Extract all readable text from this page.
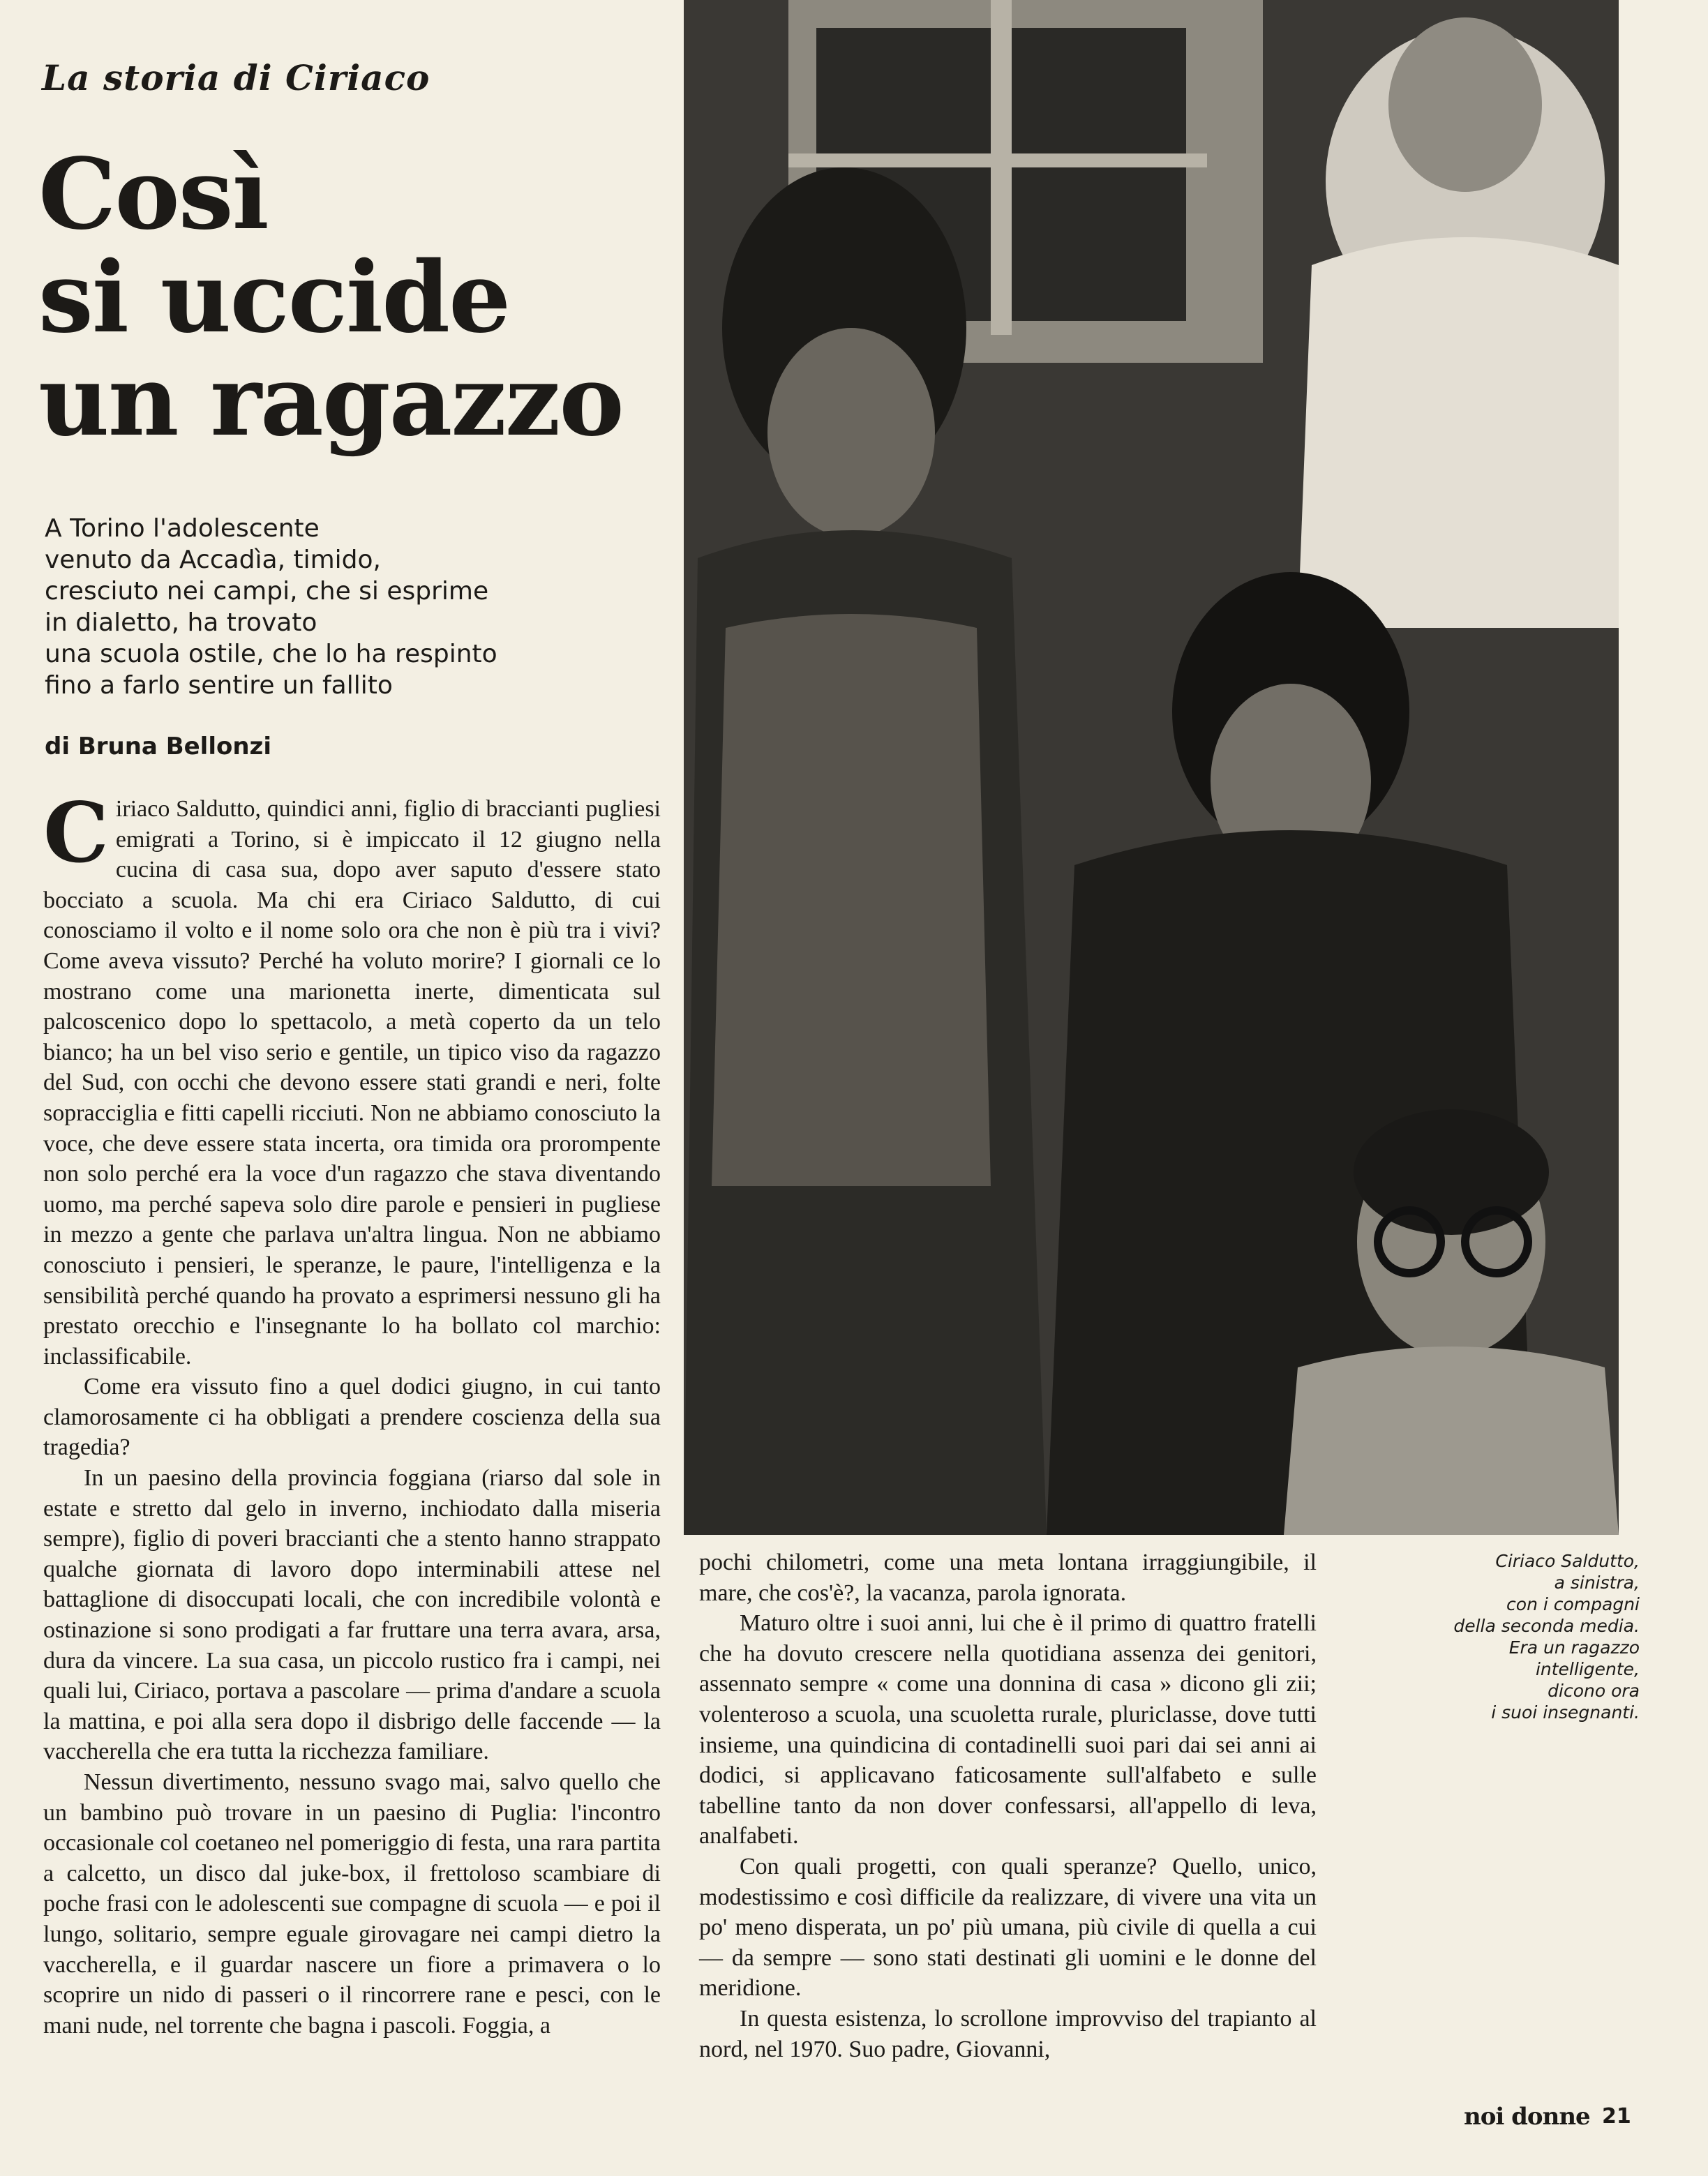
La storia di Ciriaco
Così
si uccide
un ragazzo
A Torino l'adolescente
venuto da Accadìa, timido,
cresciuto nei campi, che si esprime
in dialetto, ha trovato
una scuola ostile, che lo ha respinto
fino a farlo sentire un fallito
di Bruna Bellonzi

Ciriaco Saldutto, quindici anni, figlio di braccianti pugliesi emigrati a Torino, si è impiccato il 12 giugno nella cucina di casa sua, dopo aver saputo d'essere stato bocciato a scuola. Ma chi era Ciriaco Saldutto, di cui conosciamo il volto e il nome solo ora che non è più tra i vivi? Come aveva vissuto? Perché ha voluto morire? I giornali ce lo mostrano come una marionetta inerte, dimenticata sul palcoscenico dopo lo spettacolo, a metà coperto da un telo bianco; ha un bel viso serio e gentile, un tipico viso da ragazzo del Sud, con occhi che devono essere stati grandi e neri, folte sopracciglia e fitti capelli ricciuti. Non ne abbiamo conosciuto la voce, che deve essere stata incerta, ora timida ora prorompente non solo perché era la voce d'un ragazzo che stava diventando uomo, ma perché sapeva solo dire parole e pensieri in pugliese in mezzo a gente che parlava un'altra lingua. Non ne abbiamo conosciuto i pensieri, le speranze, le paure, l'intelligenza e la sensibilità perché quando ha provato a esprimersi nessuno gli ha prestato orecchio e l'insegnante lo ha bollato col marchio: inclassificabile.

Come era vissuto fino a quel dodici giugno, in cui tanto clamorosamente ci ha obbligati a prendere coscienza della sua tragedia?

In un paesino della provincia foggiana (riarso dal sole in estate e stretto dal gelo in inverno, inchiodato dalla miseria sempre), figlio di poveri braccianti che a stento hanno strappato qualche giornata di lavoro dopo interminabili attese nel battaglione di disoccupati locali, che con incredibile volontà e ostinazione si sono prodigati a far fruttare una terra avara, arsa, dura da vincere. La sua casa, un piccolo rustico fra i campi, nei quali lui, Ciriaco, portava a pascolare — prima d'andare a scuola la mattina, e poi alla sera dopo il disbrigo delle faccende — la vaccherella che era tutta la ricchezza familiare.

Nessun divertimento, nessuno svago mai, salvo quello che un bambino può trovare in un paesino di Puglia: l'incontro occasionale col coetaneo nel pomeriggio di festa, una rara partita a calcetto, un disco dal juke-box, il frettoloso scambiare di poche frasi con le adolescenti sue compagne di scuola — e poi il lungo, solitario, sempre eguale girovagare nei campi dietro la vaccherella, e il guardar nascere un fiore a primavera o lo scoprire un nido di passeri o il rincorrere rane e pesci, con le mani nude, nel torrente che bagna i pascoli. Foggia, a

Ciriaco Saldutto,
a sinistra,
con i compagni
della seconda media.
Era un ragazzo
intelligente,
dicono ora
i suoi insegnanti.

pochi chilometri, come una meta lontana irraggiungibile, il mare, che cos'è?, la vacanza, parola ignorata.

Maturo oltre i suoi anni, lui che è il primo di quattro fratelli che ha dovuto crescere nella quotidiana assenza dei genitori, assennato sempre « come una donnina di casa » dicono gli zii; volenteroso a scuola, una scuoletta rurale, pluriclasse, dove tutti insieme, una quindicina di contadinelli suoi pari dai sei anni ai dodici, si applicavano faticosamente sull'alfabeto e sulle tabelline tanto da non dover confessarsi, all'appello di leva, analfabeti.

Con quali progetti, con quali speranze? Quello, unico, modestissimo e così difficile da realizzare, di vivere una vita un po' meno disperata, un po' più umana, più civile di quella a cui — da sempre — sono stati destinati gli uomini e le donne del meridione.

In questa esistenza, lo scrollone improvviso del trapianto al nord, nel 1970. Suo padre, Giovanni,

noi donne 21
